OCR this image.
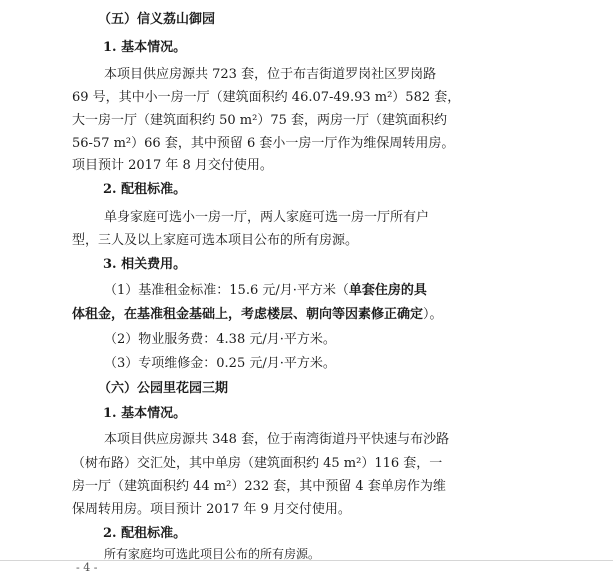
（五）信义荔山御园
1. 基本情况。
本项目供应房源共 723 套，位于布吉街道罗岗社区罗岗路
69 号，其中小一房一厅（建筑面积约 46.07-49.93 m²）582 套，
大一房一厅（建筑面积约 50 m²）75 套，两房一厅（建筑面积约
56-57 m²）66 套，其中预留 6 套小一房一厅作为维保周转用房。
项目预计 2017 年 8 月交付使用。
2. 配租标准。
单身家庭可选小一房一厅，两人家庭可选一房一厅所有户
型，三人及以上家庭可选本项目公布的所有房源。
3. 相关费用。
（1）基准租金标准：15.6 元/月·平方米（单套住房的具
体租金，在基准租金基础上，考虑楼层、朝向等因素修正确定）。
（2）物业服务费：4.38 元/月·平方米。
（3）专项维修金：0.25 元/月·平方米。
（六）公园里花园三期
1. 基本情况。
本项目供应房源共 348 套，位于南湾街道丹平快速与布沙路
（树布路）交汇处，其中单房（建筑面积约 45 m²）116 套，一
房一厅（建筑面积约 44 m²）232 套，其中预留 4 套单房作为维
保周转用房。项目预计 2017 年 9 月交付使用。
2. 配租标准。
所有家庭均可选此项目公布的所有房源。
- 4 -
